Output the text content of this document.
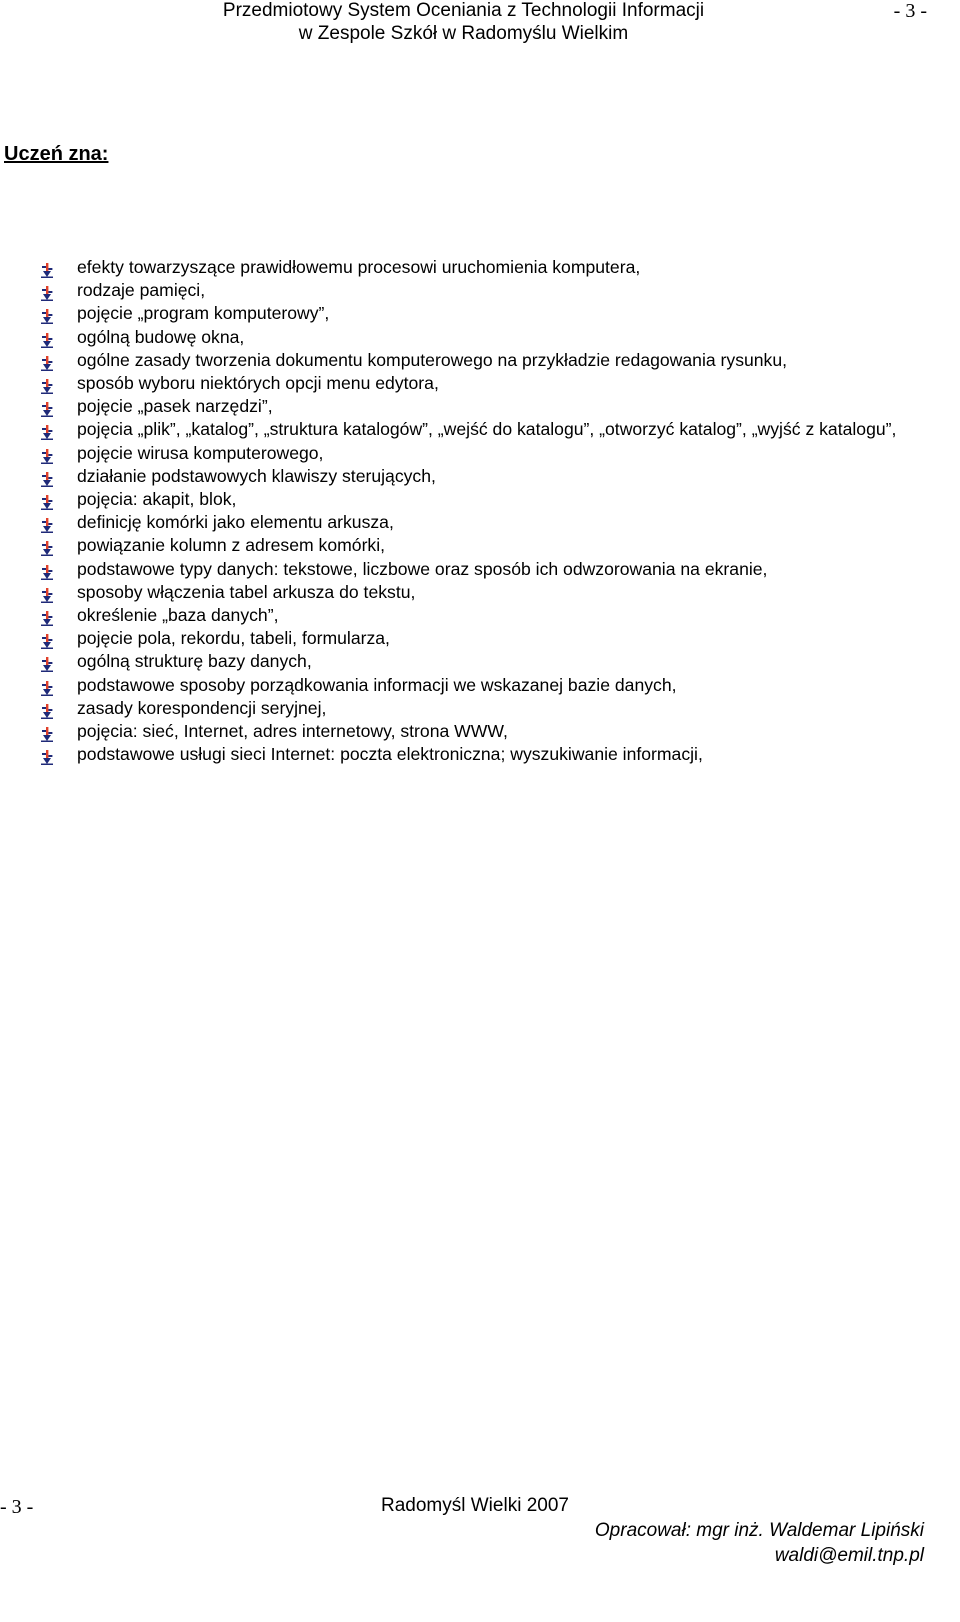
Przedmiotowy System Oceniania z Technologii Informacji
w Zespole Szkół w Radomyślu Wielkim
- 3 -
Uczeń zna:
efekty towarzyszące prawidłowemu procesowi uruchomienia komputera,
rodzaje pamięci,
pojęcie „program komputerowy”,
ogólną budowę okna,
ogólne zasady tworzenia dokumentu komputerowego na przykładzie redagowania rysunku,
sposób wyboru niektórych opcji menu edytora,
pojęcie „pasek narzędzi”,
pojęcia „plik”, „katalog”, „struktura katalogów”, „wejść do katalogu”, „otworzyć katalog”, „wyjść z katalogu”,
pojęcie wirusa komputerowego,
działanie podstawowych klawiszy sterujących,
pojęcia: akapit, blok,
definicję komórki jako elementu arkusza,
powiązanie kolumn z adresem komórki,
podstawowe typy danych: tekstowe, liczbowe oraz sposób ich odwzorowania na ekranie,
sposoby włączenia tabel arkusza do tekstu,
określenie „baza danych”,
pojęcie pola, rekordu, tabeli, formularza,
ogólną strukturę bazy danych,
podstawowe sposoby porządkowania informacji we wskazanej bazie danych,
zasady korespondencji seryjnej,
pojęcia: sieć, Internet, adres internetowy, strona WWW,
podstawowe usługi sieci Internet: poczta elektroniczna; wyszukiwanie informacji,
- 3 -	Radomyśl Wielki 2007
Opracował: mgr inż. Waldemar Lipiński
waldi@emil.tnp.pl
